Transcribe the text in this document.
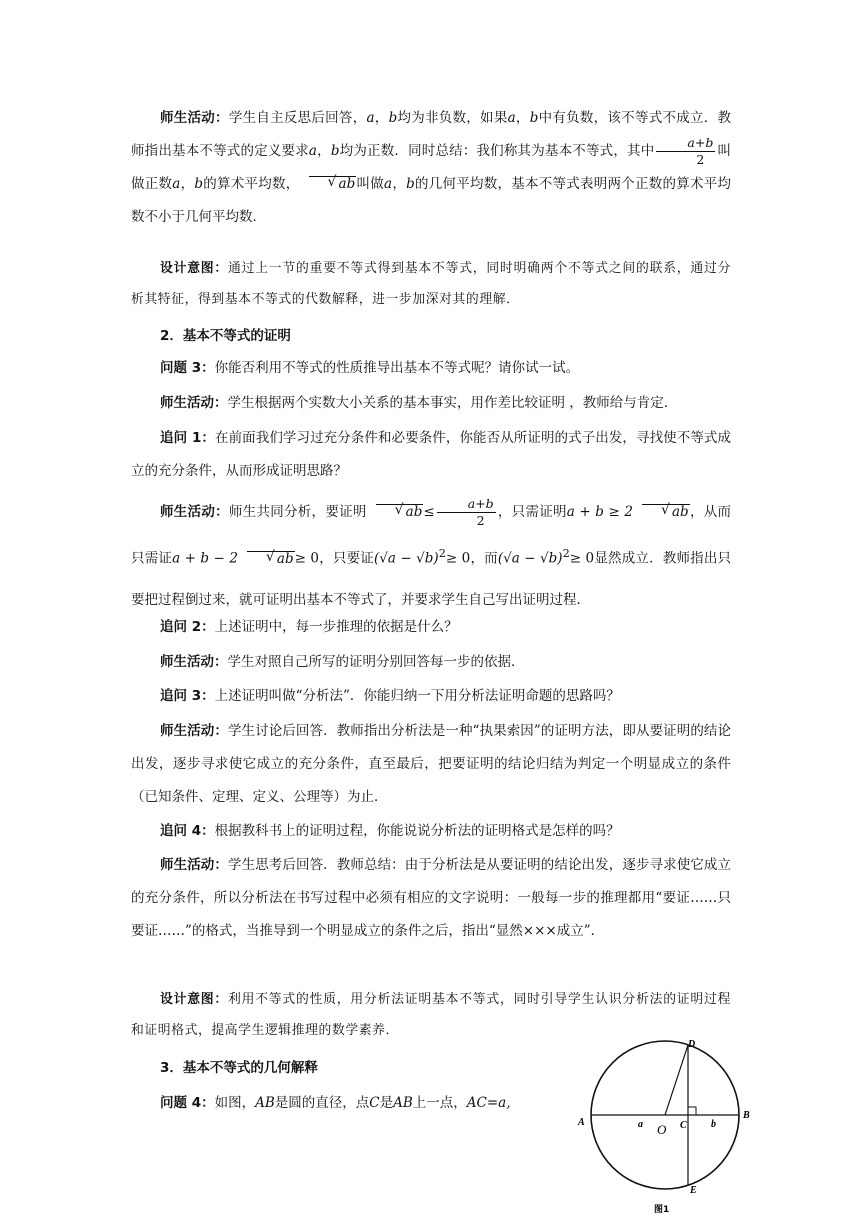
师生活动：学生自主反思后回答，a，b均为非负数，如果a，b中有负数，该不等式不成立．教师指出基本不等式的定义要求a，b均为正数．同时总结：我们称其为基本不等式，其中 $\frac{a+b}{2}$ 叫做正数a，b的算术平均数，	√ ab叫做a，b的几何平均数，基本不等式表明两个正数的算术平均数不小于几何平均数．

设计意图：通过上一节的重要不等式得到基本不等式，同时明确两个不等式之间的联系，通过分析其特征，得到基本不等式的代数解释，进一步加深对其的理解．

2．基本不等式的证明

问题 3：你能否利用不等式的性质推导出基本不等式呢？请你试一试。

师生活动：学生根据两个实数大小关系的基本事实，用作差比较证明 ，教师给与肯定．

追问 1：在前面我们学习过充分条件和必要条件，你能否从所证明的式子出发，寻找使不等式成立的充分条件，从而形成证明思路？

师生活动：师生共同分析，要证明	√ $ab\le \frac{a+b}{2}$ ，只需证明a + b ≥ 2	√ ab，从而只需证a + b − 2	√ ab≥ 0，只要证$(√a - √b)^2\ge 0$，而$(√a - √b)^2\ge 0$显然成立．教师指出只要把过程倒过来，就可证明出基本不等式了，并要求学生自己写出证明过程．

追问 2：上述证明中，每一步推理的依据是什么？

师生活动：学生对照自己所写的证明分别回答每一步的依据．

追问 3：上述证明叫做“分析法”．你能归纳一下用分析法证明命题的思路吗？

师生活动：学生讨论后回答．教师指出分析法是一种“执果索因”的证明方法，即从要证明的结论出发，逐步寻求使它成立的充分条件，直至最后，把要证明的结论归结为判定一个明显成立的条件（已知条件、定理、定义、公理等）为止．

追问 4：根据教科书上的证明过程，你能说说分析法的证明格式是怎样的吗？

师生活动：学生思考后回答．教师总结：由于分析法是从要证明的结论出发，逐步寻求使它成立的充分条件，所以分析法在书写过程中必须有相应的文字说明：一般每一步的推理都用“要证……只要证……”的格式，当推导到一个明显成立的条件之后，指出“显然×××成立”．

设计意图：利用不等式的性质，用分析法证明基本不等式，同时引导学生认识分析法的证明过程和证明格式，提高学生逻辑推理的数学素养．

3．基本不等式的几何解释

问题 4：如图，AB是圆的直径，点C是AB上一点，AC=a,

A
B
D
E
O C
a	b
图1
